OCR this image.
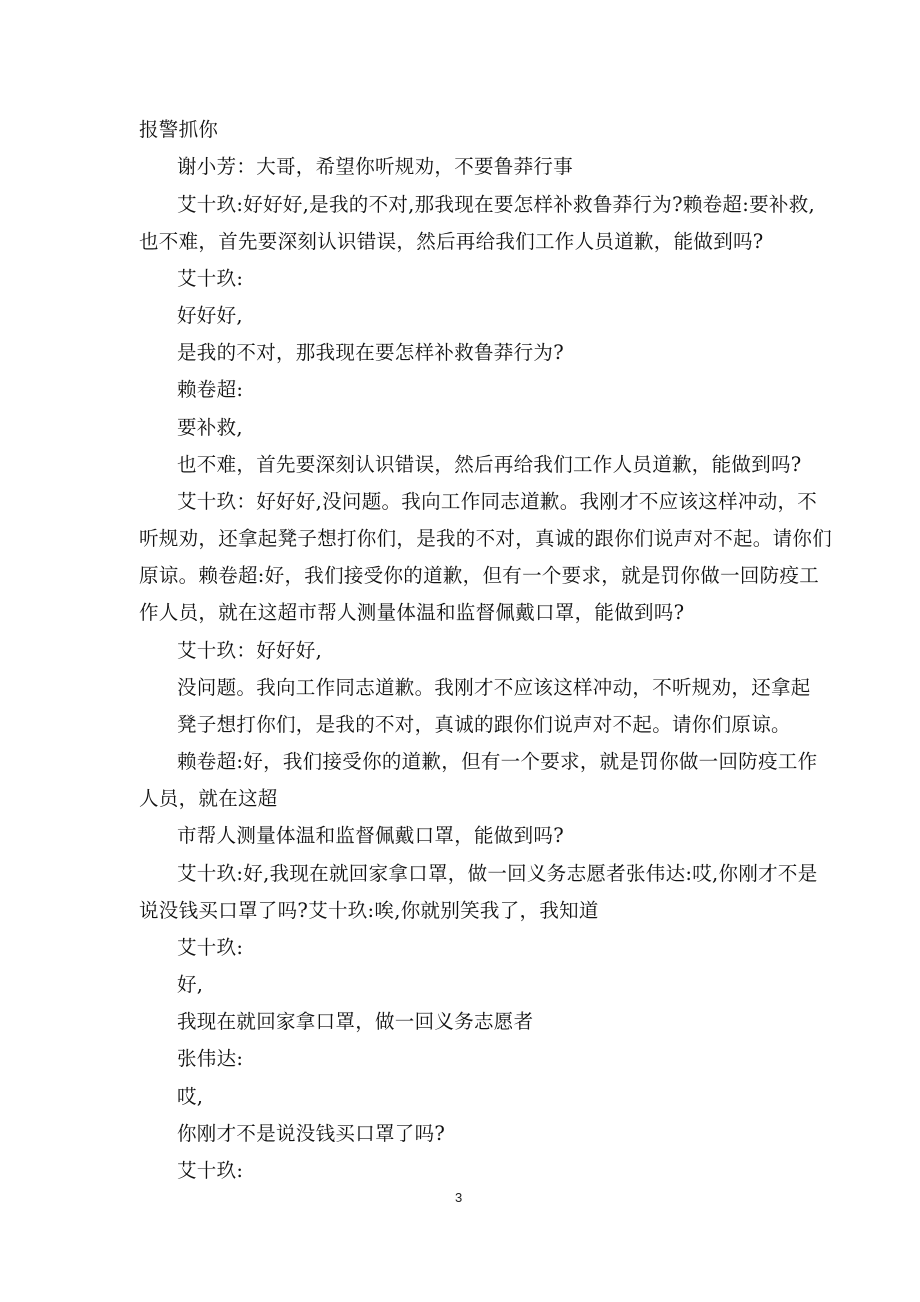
报警抓你
谢小芳：大哥，希望你听规劝，不要鲁莽行事
艾十玖:好好好,是我的不对,那我现在要怎样补救鲁莽行为?赖卷超:要补救,
也不难，首先要深刻认识错误，然后再给我们工作人员道歉，能做到吗?
艾十玖:
好好好,
是我的不对，那我现在要怎样补救鲁莽行为?
赖卷超:
要补救,
也不难，首先要深刻认识错误，然后再给我们工作人员道歉，能做到吗?
艾十玖：好好好,没问题。我向工作同志道歉。我刚才不应该这样冲动，不
听规劝，还拿起凳子想打你们，是我的不对，真诚的跟你们说声对不起。请你们
原谅。赖卷超:好，我们接受你的道歉，但有一个要求，就是罚你做一回防疫工
作人员，就在这超市帮人测量体温和监督佩戴口罩，能做到吗?
艾十玖：好好好,
没问题。我向工作同志道歉。我刚才不应该这样冲动，不听规劝，还拿起
凳子想打你们，是我的不对，真诚的跟你们说声对不起。请你们原谅。
赖卷超:好，我们接受你的道歉，但有一个要求，就是罚你做一回防疫工作
人员，就在这超
市帮人测量体温和监督佩戴口罩，能做到吗?
艾十玖:好,我现在就回家拿口罩，做一回义务志愿者张伟达:哎,你刚才不是
说没钱买口罩了吗?艾十玖:唉,你就别笑我了，我知道
艾十玖:
好,
我现在就回家拿口罩，做一回义务志愿者
张伟达:
哎,
你刚才不是说没钱买口罩了吗?
艾十玖:
3
